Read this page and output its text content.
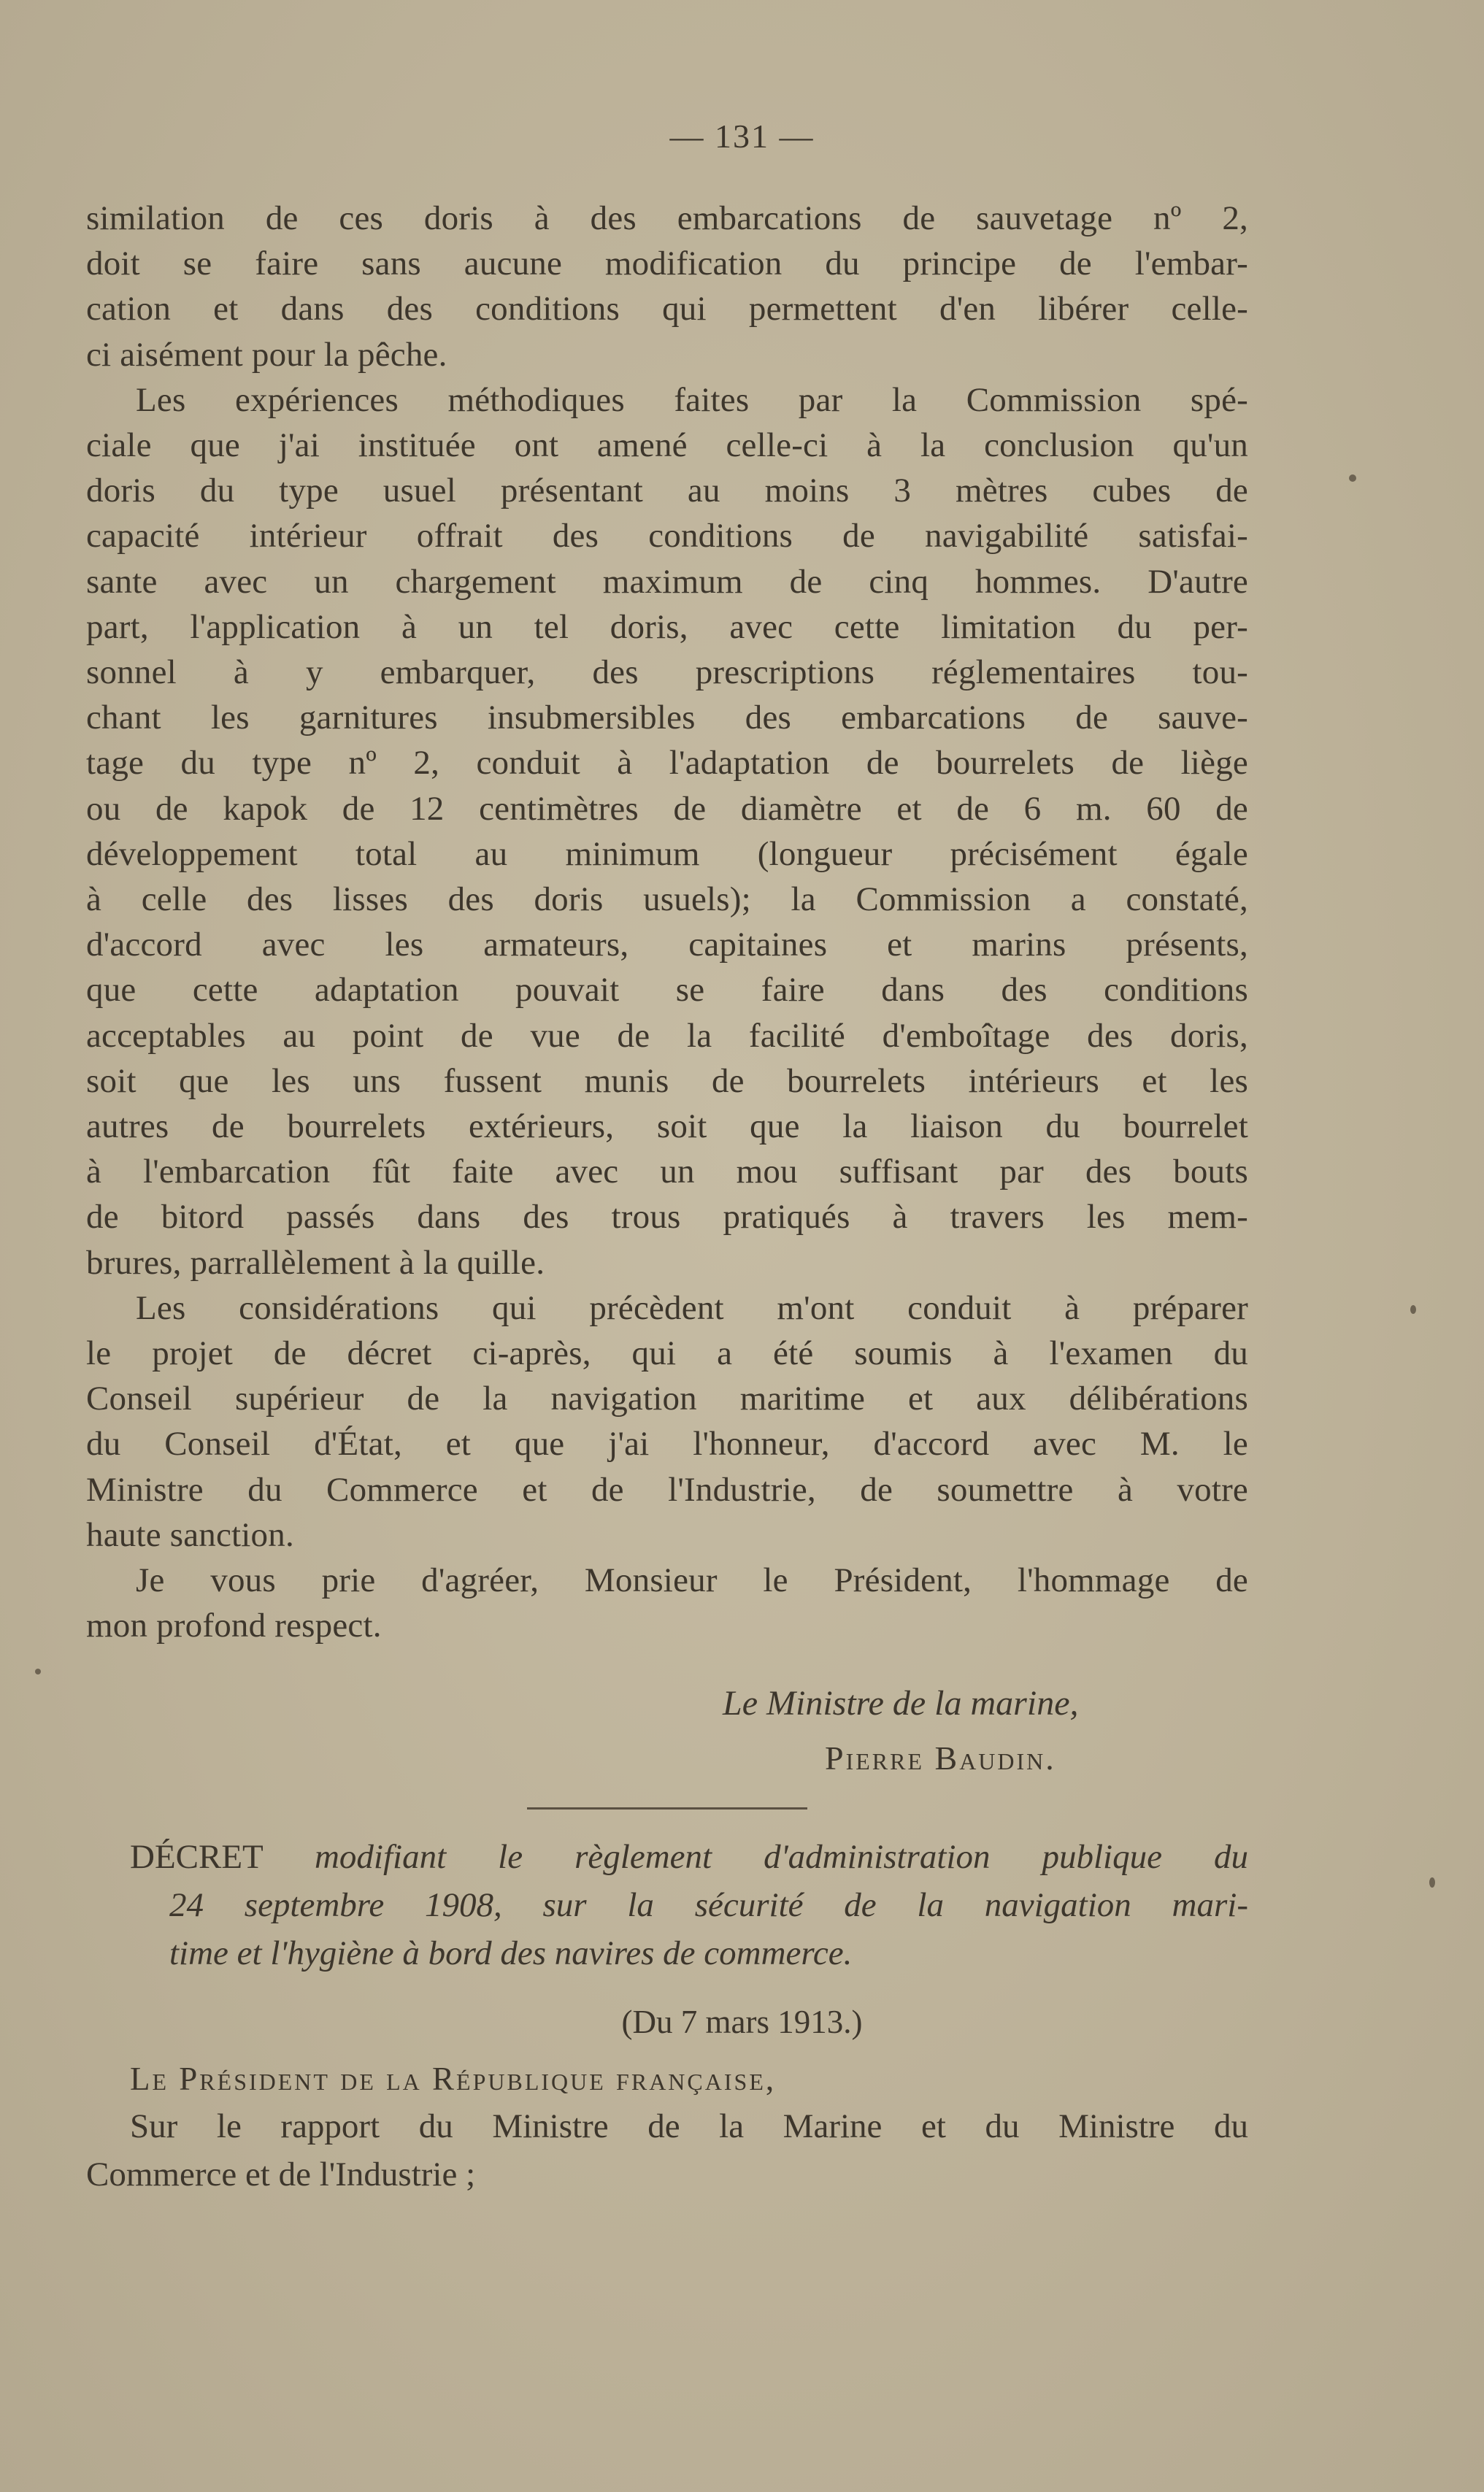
— 131 —

similation de ces doris à des embarcations de sauvetage nº 2,

doit se faire sans aucune modification du principe de l'embar-

cation et dans des conditions qui permettent d'en libérer celle-

ci aisément pour la pêche.

Les expériences méthodiques faites par la Commission spé-

ciale que j'ai instituée ont amené celle-ci à la conclusion qu'un

doris du type usuel présentant au moins 3 mètres cubes de

capacité intérieur offrait des conditions de navigabilité satisfai-

sante avec un chargement maximum de cinq hommes. D'autre

part, l'application à un tel doris, avec cette limitation du per-

sonnel à y embarquer, des prescriptions réglementaires tou-

chant les garnitures insubmersibles des embarcations de sauve-

tage du type nº 2, conduit à l'adaptation de bourrelets de liège

ou de kapok de 12 centimètres de diamètre et de 6 m. 60 de

développement total au minimum (longueur précisément égale

à celle des lisses des doris usuels); la Commission a constaté,

d'accord avec les armateurs, capitaines et marins présents,

que cette adaptation pouvait se faire dans des conditions

acceptables au point de vue de la facilité d'emboîtage des doris,

soit que les uns fussent munis de bourrelets intérieurs et les

autres de bourrelets extérieurs, soit que la liaison du bourrelet

à l'embarcation fût faite avec un mou suffisant par des bouts

de bitord passés dans des trous pratiqués à travers les mem-

brures, parrallèlement à la quille.

Les considérations qui précèdent m'ont conduit à préparer

le projet de décret ci-après, qui a été soumis à l'examen du

Conseil supérieur de la navigation maritime et aux délibérations

du Conseil d'État, et que j'ai l'honneur, d'accord avec M. le

Ministre du Commerce et de l'Industrie, de soumettre à votre

haute sanction.

Je vous prie d'agréer, Monsieur le Président, l'hommage de

mon profond respect.

Le Ministre de la marine,
Pierre Baudin.
DÉCRET modifiant le règlement d'administration publique du
24 septembre 1908, sur la sécurité de la navigation mari-
time et l'hygiène à bord des navires de commerce.
(Du 7 mars 1913.)
Le Président de la République française,
Sur le rapport du Ministre de la Marine et du Ministre du
Commerce et de l'Industrie ;
